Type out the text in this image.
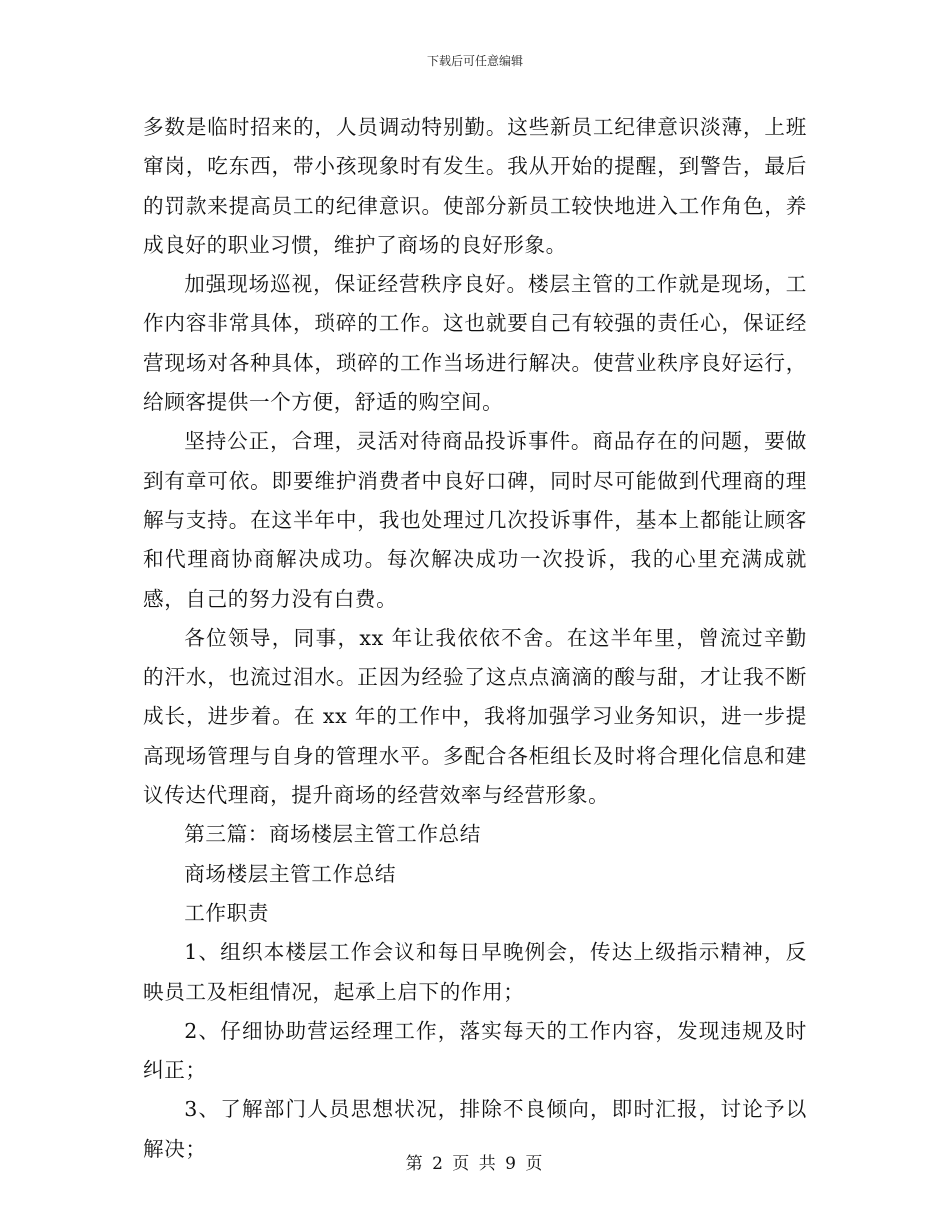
下载后可任意编辑

多数是临时招来的，人员调动特别勤。这些新员工纪律意识淡薄，上班窜岗，吃东西，带小孩现象时有发生。我从开始的提醒，到警告，最后的罚款来提高员工的纪律意识。使部分新员工较快地进入工作角色，养成良好的职业习惯，维护了商场的良好形象。

加强现场巡视，保证经营秩序良好。楼层主管的工作就是现场，工作内容非常具体，琐碎的工作。这也就要自己有较强的责任心，保证经营现场对各种具体，琐碎的工作当场进行解决。使营业秩序良好运行，给顾客提供一个方便，舒适的购空间。

坚持公正，合理，灵活对待商品投诉事件。商品存在的问题，要做到有章可依。即要维护消费者中良好口碑，同时尽可能做到代理商的理解与支持。在这半年中，我也处理过几次投诉事件，基本上都能让顾客和代理商协商解决成功。每次解决成功一次投诉，我的心里充满成就感，自己的努力没有白费。

各位领导，同事，xx 年让我依依不舍。在这半年里，曾流过辛勤的汗水，也流过泪水。正因为经验了这点点滴滴的酸与甜，才让我不断成长，进步着。在 xx 年的工作中，我将加强学习业务知识，进一步提高现场管理与自身的管理水平。多配合各柜组长及时将合理化信息和建议传达代理商，提升商场的经营效率与经营形象。

第三篇：商场楼层主管工作总结

商场楼层主管工作总结

工作职责

1、组织本楼层工作会议和每日早晚例会，传达上级指示精神，反映员工及柜组情况，起承上启下的作用；

2、仔细协助营运经理工作，落实每天的工作内容，发现违规及时纠正；

3、了解部门人员思想状况，排除不良倾向，即时汇报，讨论予以解决；

第 2 页 共 9 页
